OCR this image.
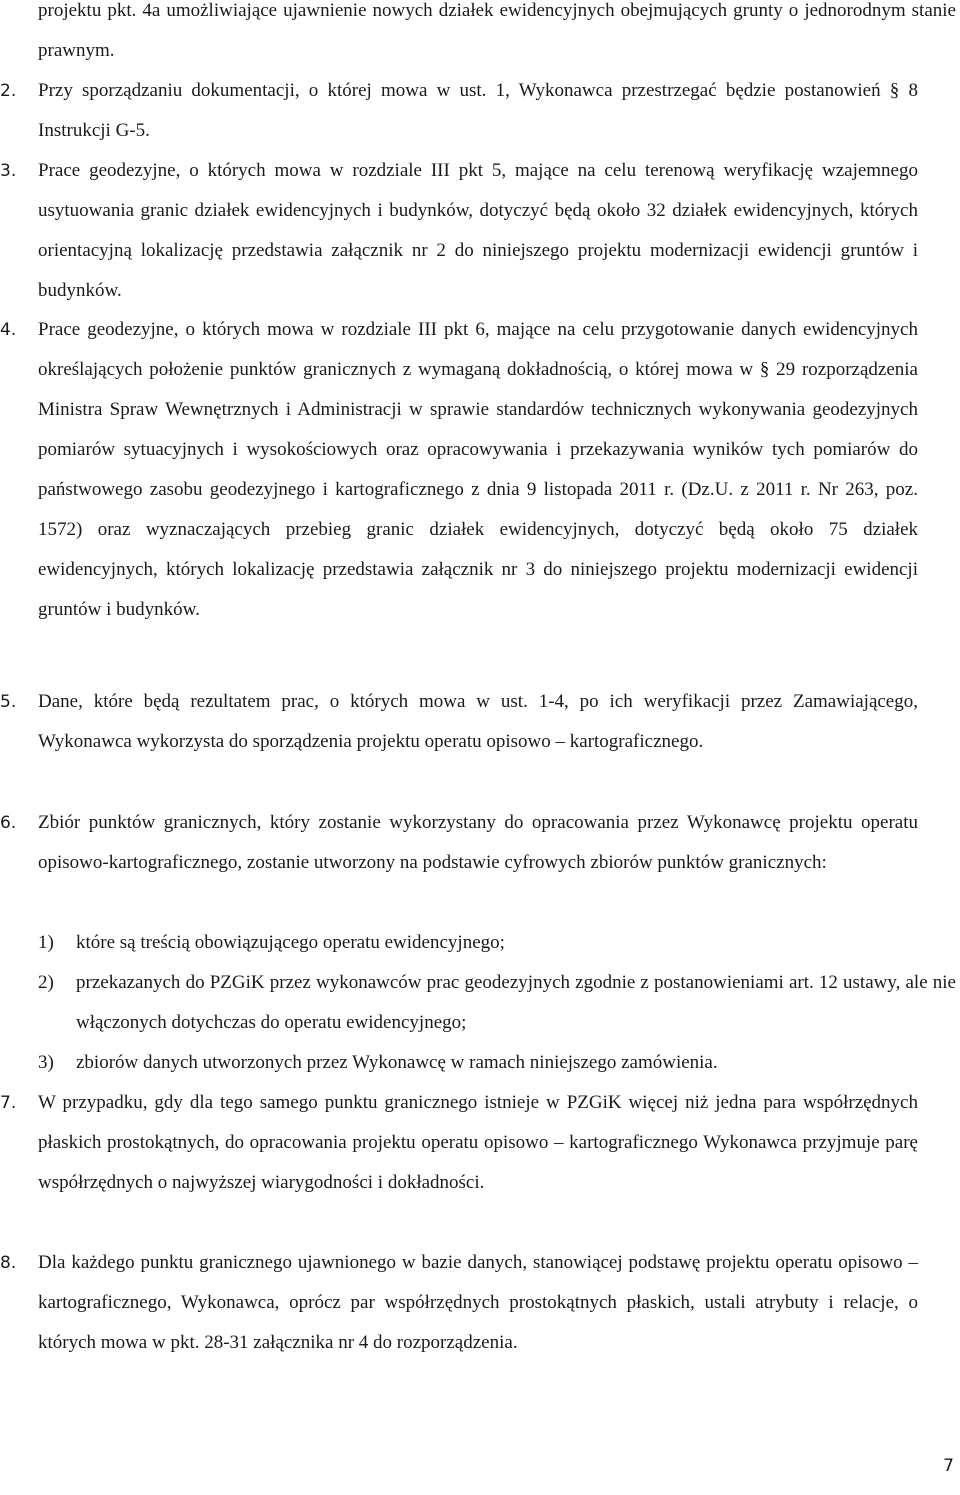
projektu pkt. 4a umożliwiające ujawnienie nowych działek ewidencyjnych obejmujących grunty o jednorodnym stanie prawnym.
2.	Przy sporządzaniu dokumentacji, o której mowa w ust. 1, Wykonawca przestrzegać będzie postanowień § 8 Instrukcji G-5.
3.	Prace geodezyjne, o których mowa w rozdziale III pkt 5, mające na celu terenową weryfikację wzajemnego usytuowania granic działek ewidencyjnych i budynków, dotyczyć będą około 32 działek ewidencyjnych, których orientacyjną lokalizację przedstawia załącznik nr 2 do niniejszego projektu modernizacji ewidencji gruntów i budynków.
4.	Prace geodezyjne, o których mowa w rozdziale III pkt 6, mające na celu przygotowanie danych ewidencyjnych określających położenie punktów granicznych z wymaganą dokładnością, o której mowa w § 29 rozporządzenia Ministra Spraw Wewnętrznych i Administracji w sprawie standardów technicznych wykonywania geodezyjnych pomiarów sytuacyjnych i wysokościowych oraz opracowywania i przekazywania wyników tych pomiarów do państwowego zasobu geodezyjnego i kartograficznego z dnia 9 listopada 2011 r. (Dz.U. z 2011 r. Nr 263, poz. 1572) oraz wyznaczających przebieg granic działek ewidencyjnych, dotyczyć będą około 75 działek ewidencyjnych, których lokalizację przedstawia załącznik nr 3 do niniejszego projektu modernizacji ewidencji gruntów i budynków.
5.	Dane, które będą rezultatem prac, o których mowa w ust. 1-4, po ich weryfikacji przez Zamawiającego, Wykonawca wykorzysta do sporządzenia projektu operatu opisowo – kartograficznego.
6.	Zbiór punktów granicznych, który zostanie wykorzystany do opracowania przez Wykonawcę projektu operatu opisowo-kartograficznego, zostanie utworzony na podstawie cyfrowych zbiorów punktów granicznych:
1) które są treścią obowiązującego operatu ewidencyjnego;
2) przekazanych do PZGiK przez wykonawców prac geodezyjnych zgodnie z postanowieniami art. 12 ustawy, ale nie włączonych dotychczas do operatu ewidencyjnego;
3) zbiorów danych utworzonych przez Wykonawcę w ramach niniejszego zamówienia.
7.	W przypadku, gdy dla tego samego punktu granicznego istnieje w PZGiK więcej niż jedna para współrzędnych płaskich prostokątnych, do opracowania projektu operatu opisowo – kartograficznego Wykonawca przyjmuje parę współrzędnych o najwyższej wiarygodności i dokładności.
8.	Dla każdego punktu granicznego ujawnionego w bazie danych, stanowiącej podstawę projektu operatu opisowo – kartograficznego, Wykonawca, oprócz par współrzędnych prostokątnych płaskich, ustali atrybuty i relacje, o których mowa w pkt. 28-31 załącznika nr 4 do rozporządzenia.
7
